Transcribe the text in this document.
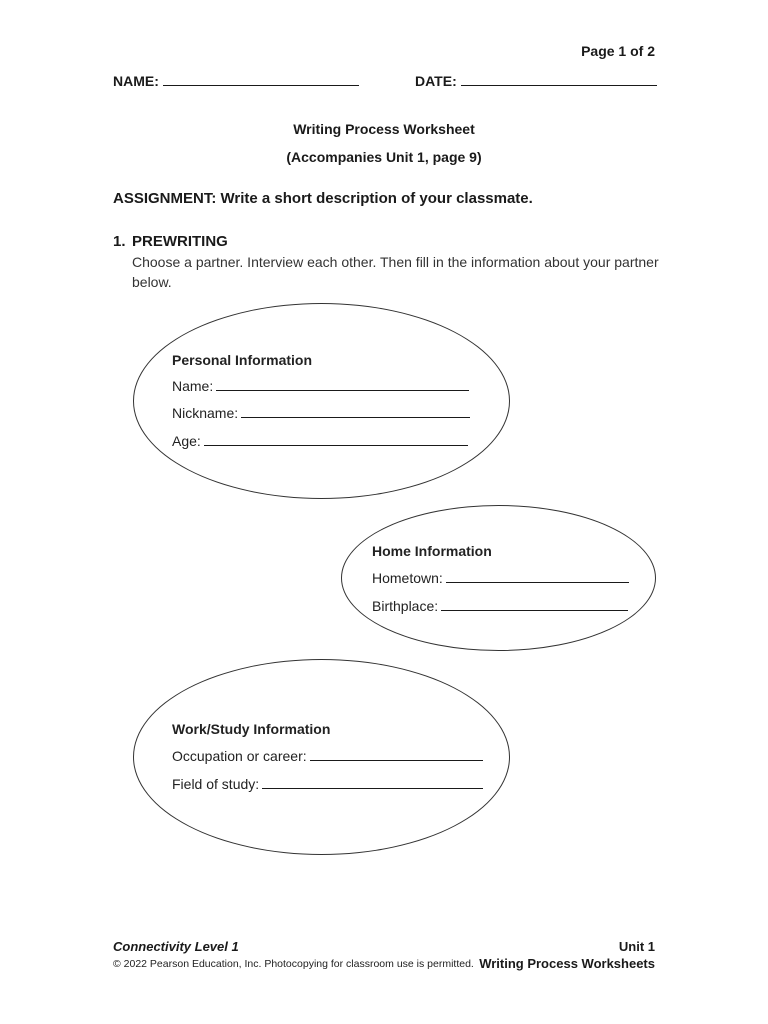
Page 1 of 2
NAME:	DATE:
Writing Process Worksheet
(Accompanies Unit 1, page 9)
ASSIGNMENT: Write a short description of your classmate.
1. PREWRITING
Choose a partner. Interview each other. Then fill in the information about your partner below.
Personal Information
Name:
Nickname:
Age:
Home Information
Hometown:
Birthplace:
Work/Study Information
Occupation or career:
Field of study:
Connectivity Level 1
© 2022 Pearson Education, Inc. Photocopying for classroom use is permitted.
Unit 1
Writing Process Worksheets
